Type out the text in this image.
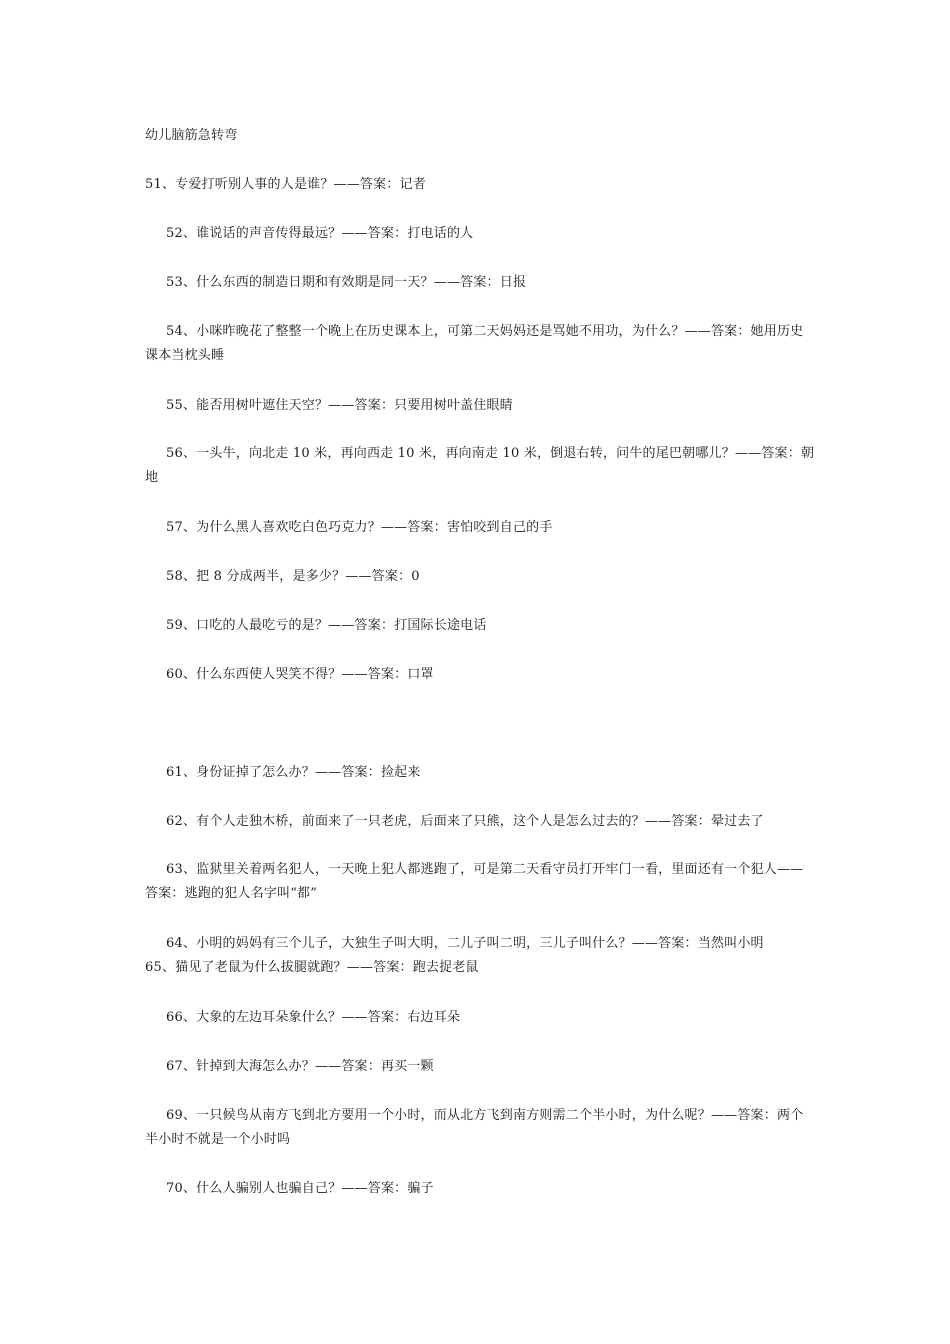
幼儿脑筋急转弯
51、专爱打听别人事的人是谁？——答案：记者
52、谁说话的声音传得最远？——答案：打电话的人
53、什么东西的制造日期和有效期是同一天？——答案：日报
54、小咪昨晚花了整整一个晚上在历史课本上，可第二天妈妈还是骂她不用功，为什么？——答案：她用历史课本当枕头睡
55、能否用树叶遮住天空？——答案：只要用树叶盖住眼睛
56、一头牛，向北走 10 米，再向西走 10 米，再向南走 10 米，倒退右转，问牛的尾巴朝哪儿？——答案：朝地
57、为什么黑人喜欢吃白色巧克力？——答案：害怕咬到自己的手
58、把 8 分成两半，是多少？——答案：0
59、口吃的人最吃亏的是？——答案：打国际长途电话
60、什么东西使人哭笑不得？——答案：口罩
61、身份证掉了怎么办？——答案：捡起来
62、有个人走独木桥，前面来了一只老虎，后面来了只熊，这个人是怎么过去的？——答案：晕过去了
63、监狱里关着两名犯人，一天晚上犯人都逃跑了，可是第二天看守员打开牢门一看，里面还有一个犯人——答案：逃跑的犯人名字叫“都”
64、小明的妈妈有三个儿子，大独生子叫大明，二儿子叫二明，三儿子叫什么？——答案：当然叫小明
65、猫见了老鼠为什么拔腿就跑？——答案：跑去捉老鼠
66、大象的左边耳朵象什么？——答案：右边耳朵
67、针掉到大海怎么办？——答案：再买一颗
69、一只候鸟从南方飞到北方要用一个小时，而从北方飞到南方则需二个半小时，为什么呢？——答案：两个半小时不就是一个小时吗
70、什么人骗别人也骗自己？——答案：骗子
